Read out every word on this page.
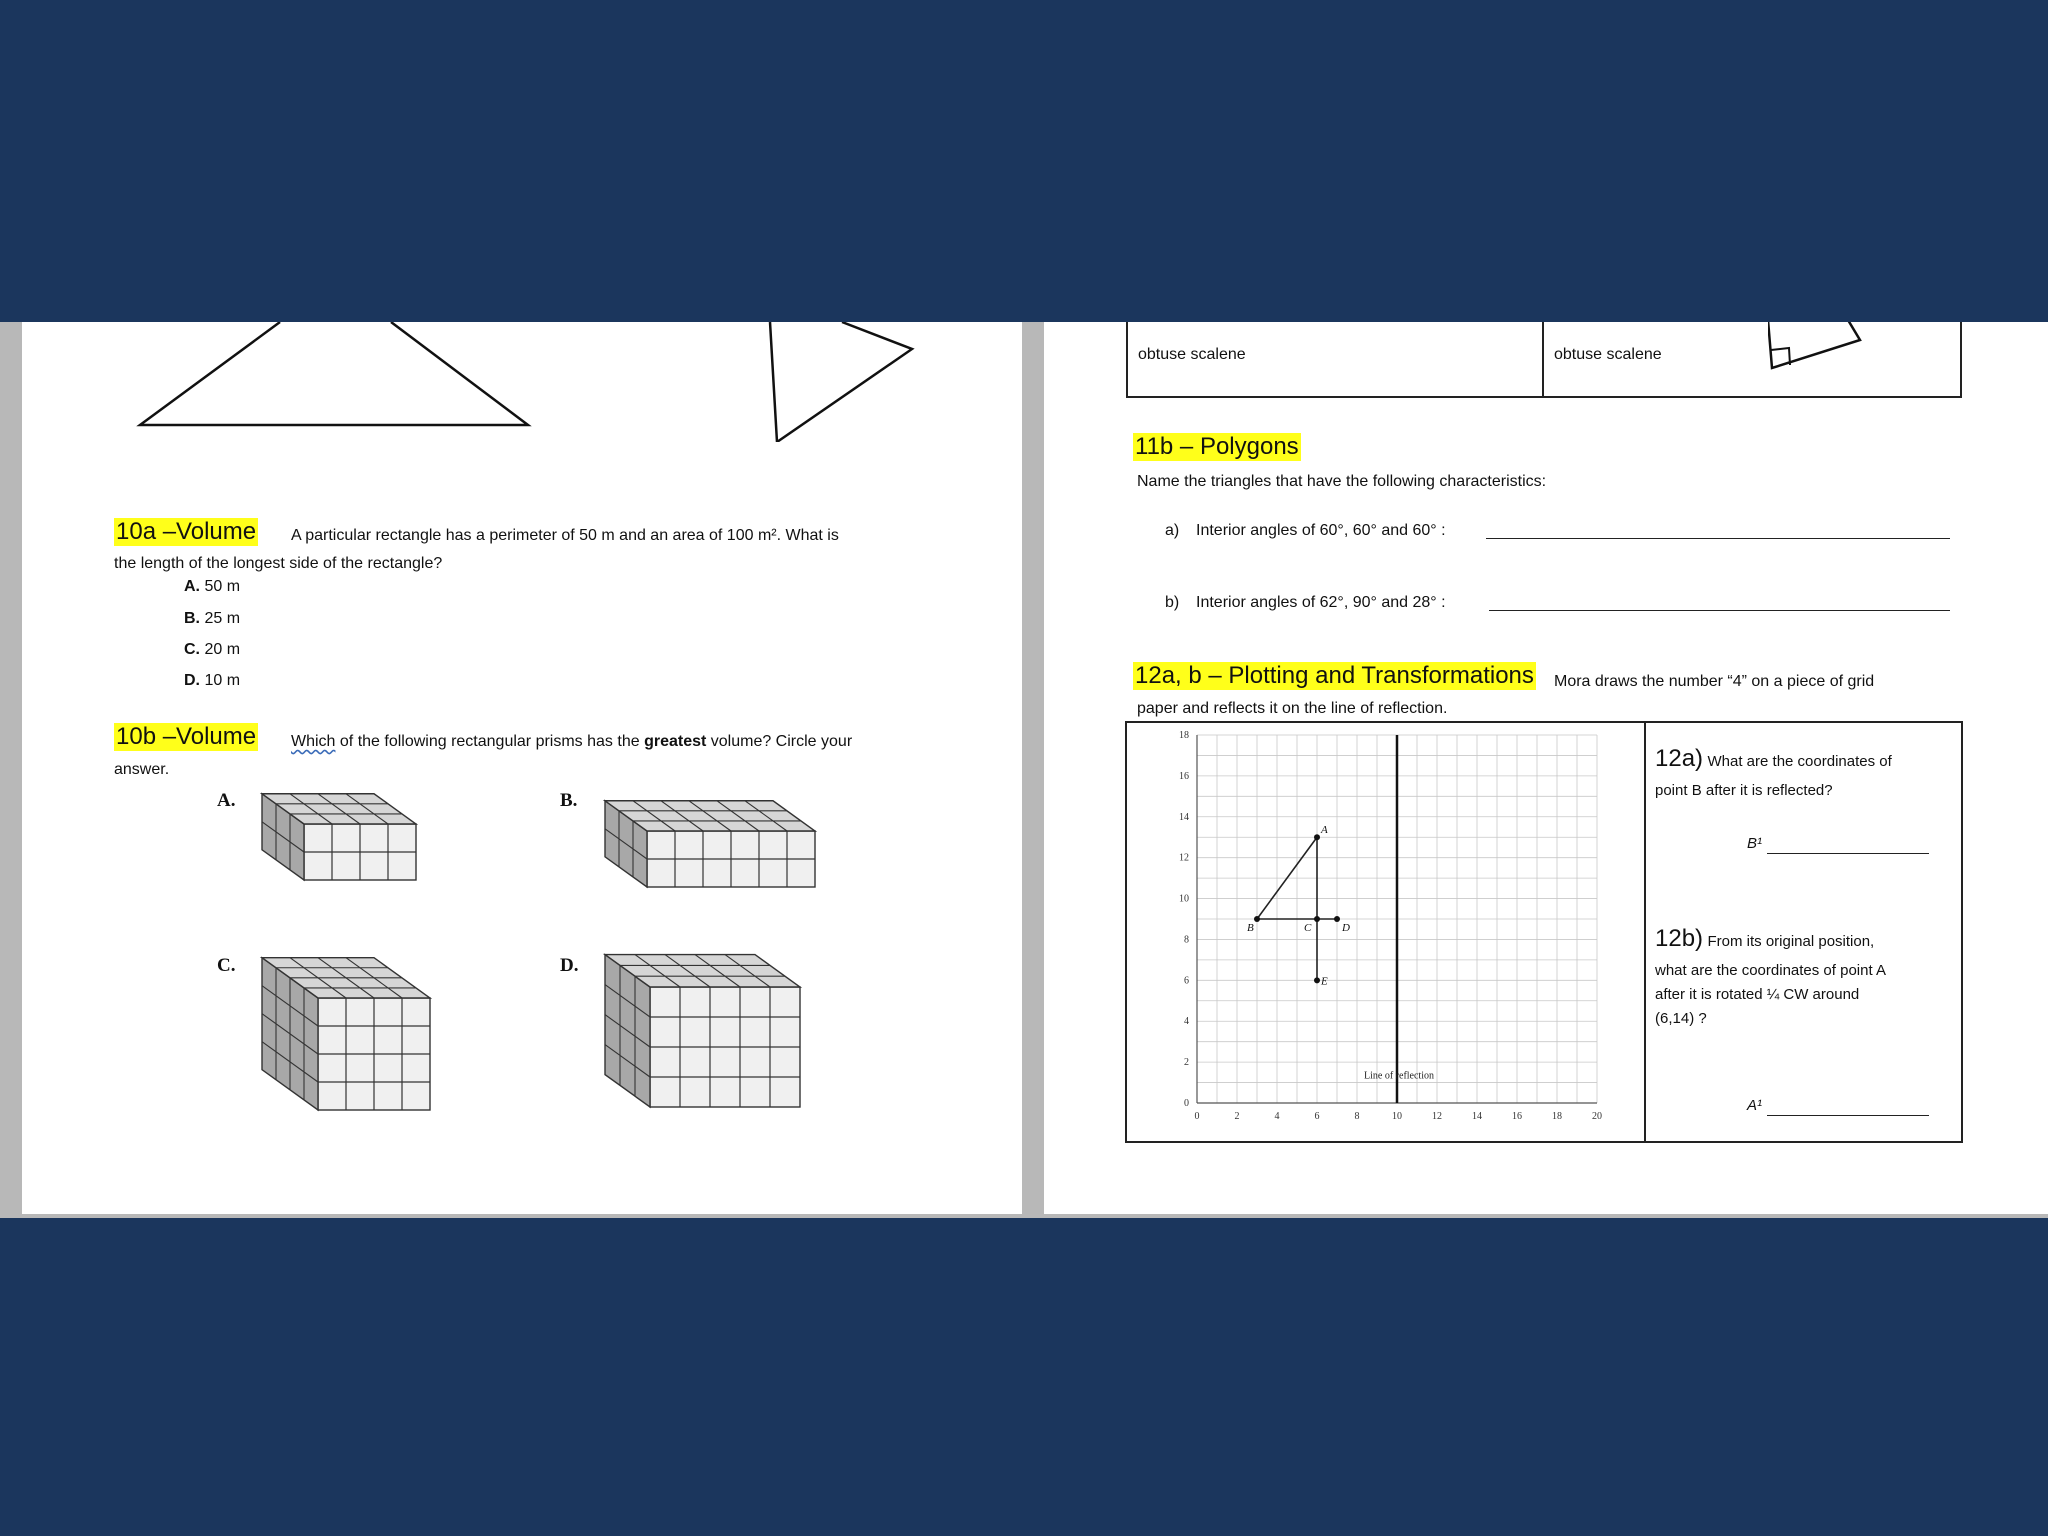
10a –Volume A particular rectangle has a perimeter of 50 m and an area of 100 m². What is
the length of the longest side of the rectangle?
A. 50 m
B. 25 m
C. 20 m
D. 10 m
10b –Volume Which of the following rectangular prisms has the greatest volume? Circle your
answer.
A.	B.
C.	D.
obtuse scalene	obtuse scalene
11b – Polygons
Name the triangles that have the following characteristics:
a) Interior angles of 60°, 60° and 60° :
b) Interior angles of 62°, 90° and 28° :
12a, b – Plotting and Transformations Mora draws the number “4” on a piece of grid
paper and reflects it on the line of reflection.
0	2	4	6	8	10	12	14	16	18	20
0
2
4
6
8
10
12
14
16
18
Line of reflection
A
B	C	D
E
12a) What are the coordinates of
point B after it is reflected?
B¹
12b) From its original position,
what are the coordinates of point A
after it is rotated ¼ CW around
(6,14) ?
A¹
